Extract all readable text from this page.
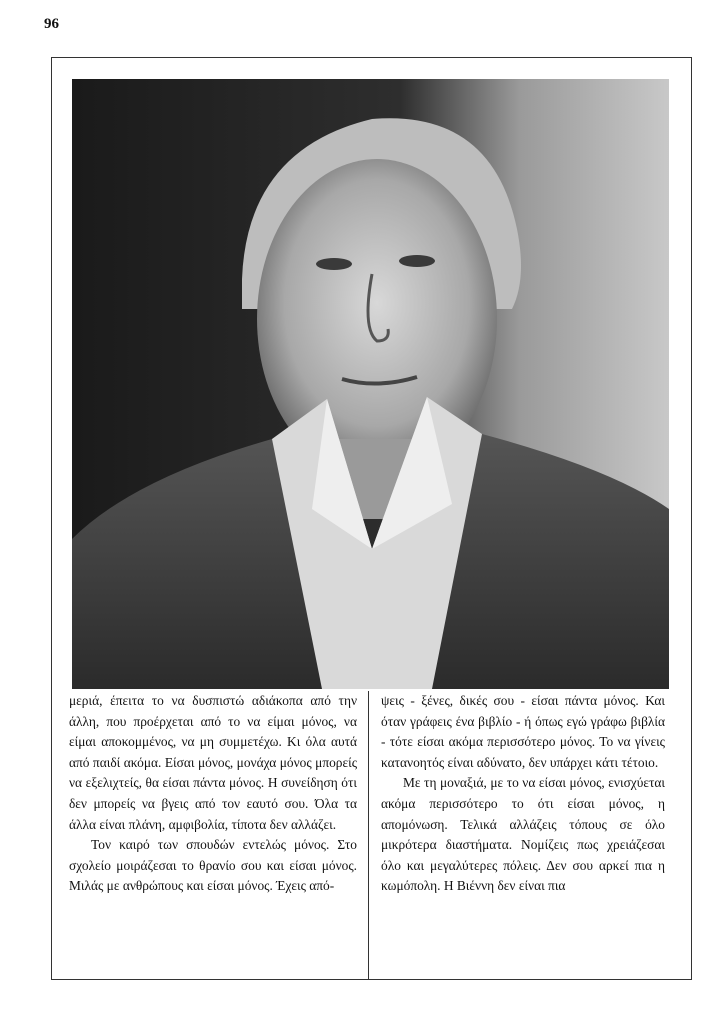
96

μεριά, έπειτα το να δυσπιστώ αδιάκοπα από την άλλη, που προέρχεται από το να είμαι μόνος, να είμαι αποκομμένος, να μη συμμετέχω. Κι όλα αυτά από παιδί ακόμα. Είσαι μόνος, μονάχα μόνος μπορείς να εξελιχτείς, θα είσαι πάντα μόνος. Η συνείδηση ότι δεν μπορείς να βγεις από τον εαυτό σου. Όλα τα άλλα είναι πλάνη, αμφιβολία, τίποτα δεν αλλάζει.

Τον καιρό των σπουδών εντελώς μόνος. Στο σχολείο μοιράζεσαι το θρανίο σου και είσαι μόνος. Μιλάς με ανθρώπους και είσαι μόνος. Έχεις από-

ψεις - ξένες, δικές σου - είσαι πάντα μόνος. Και όταν γράφεις ένα βιβλίο - ή όπως εγώ γράφω βιβλία - τότε είσαι ακόμα περισσότερο μόνος. Το να γίνεις κατανοητός είναι αδύνατο, δεν υπάρχει κάτι τέτοιο.

Με τη μοναξιά, με το να είσαι μόνος, ενισχύεται ακόμα περισσότερο το ότι είσαι μόνος, η απομόνωση. Τελικά αλλάζεις τόπους σε όλο μικρότερα διαστήματα. Νομίζεις πως χρειάζεσαι όλο και μεγαλύτερες πόλεις. Δεν σου αρκεί πια η κωμόπολη. Η Βιέννη δεν είναι πια
